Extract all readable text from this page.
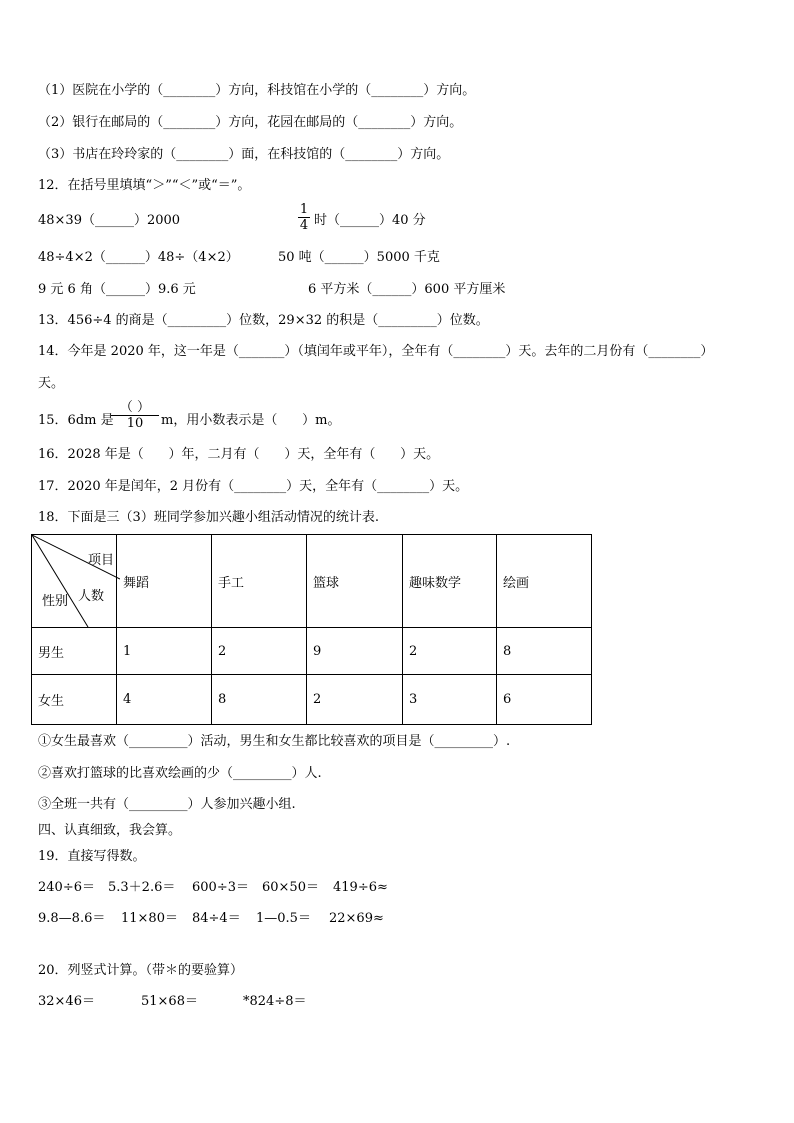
（1）医院在小学的（________）方向，科技馆在小学的（________）方向。
（2）银行在邮局的（________）方向，花园在邮局的（________）方向。
（3）书店在玲玲家的（________）面，在科技馆的（________）方向。
12．在括号里填填“＞”“＜”或“＝”。
48×39（______）2000	$\frac{1}{4}$ 时（______）40 分
48÷4×2（______）48÷（4×2）	50 吨（______）5000 千克
9 元 6 角（______）9.6 元	6 平方米（______）600 平方厘米
13．456÷4 的商是（_________）位数，29×32 的积是（_________）位数。
14．今年是 2020 年，这一年是（_______）（填闰年或平年），全年有（________）天。去年的二月份有（________）
天。
15．6dm 是
（ ）
10	m，用小数表示是（      ）m。
16．2028 年是（      ）年，二月有（      ）天，全年有（      ）天。
17．2020 年是闰年，2 月份有（________）天，全年有（________）天。
18．下面是三（3）班同学参加兴趣小组活动情况的统计表.
项目
人数
性别	舞蹈	手工	篮球	趣味数学	绘画
男生	1	2	9	2	8
女生	4	8	2	3	6
①女生最喜欢（_________）活动，男生和女生都比较喜欢的项目是（_________）.
②喜欢打篮球的比喜欢绘画的少（_________）人.
③全班一共有（_________）人参加兴趣小组.
四、认真细致，我会算。
19．直接写得数。
240÷6＝ 5.3＋2.6＝ 600÷3＝ 60×50＝ 419÷6≈
9.8—8.6＝ 11×80＝ 84÷4＝ 1—0.5＝ 22×69≈
20．列竖式计算。（带＊的要验算）
32×46＝	51×68＝	*824÷8＝
